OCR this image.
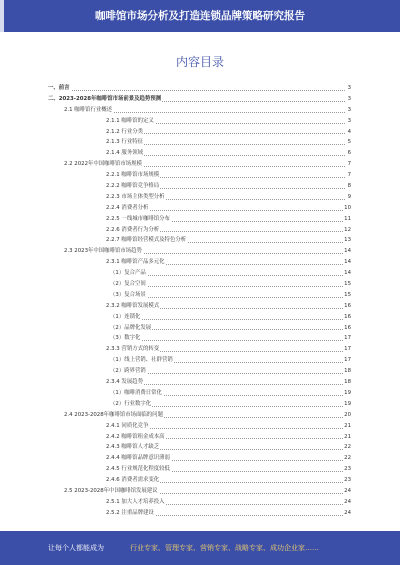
咖啡馆市场分析及打造连锁品牌策略研究报告
内容目录
一、前言	3
二、2023-2028年咖啡馆市场前景及趋势预测	3
2.1 咖啡馆行业概述	3
2.1.1 咖啡馆的定义	3
2.1.2 行业分类	4
2.1.3 行业特征	5
2.1.4 服务领域	6
2.2 2022年中国咖啡馆市场规模	7
2.2.1 咖啡馆市场规模	7
2.2.2 咖啡馆竞争格局	8
2.2.3 市场主体类型分析	9
2.2.4 消费者分析	10
2.2.5 一线城市咖啡馆分布	11
2.2.6 消费者行为分析	12
2.2.7 咖啡馆经营模式及特色分析	13
2.3 2023年中国咖啡馆市场趋势	14
2.3.1 咖啡馆产品多元化	14
（1）复合产品	14
（2）复合空间	15
（3）复合场景	15
2.3.2 咖啡馆发展模式	16
（1）连锁化	16
（2）品牌化发展	16
（3）数字化	17
2.3.3 营销方式的转变	17
（1）线上营销、社群营销	17
（2）跨界营销	18
2.3.4 发展趋势	18
（1）咖啡消费日常化	19
（2）行业数字化	19
2.4 2023-2028年咖啡馆市场面临的问题	20
2.4.1 同质化竞争	21
2.4.2 咖啡馆租金成本高	21
2.4.3 咖啡馆人才缺乏	22
2.4.4 咖啡馆品牌意识薄弱	22
2.4.5 行业规范化程度较低	23
2.4.6 消费者需求变化	23
2.5 2023-2028年中国咖啡馆发展建议	24
2.5.1 加大人才培养投入	24
2.5.2 注重品牌建设	24
让每个人都能成为	行业专家、管理专家、营销专家、战略专家、成功企业家……
